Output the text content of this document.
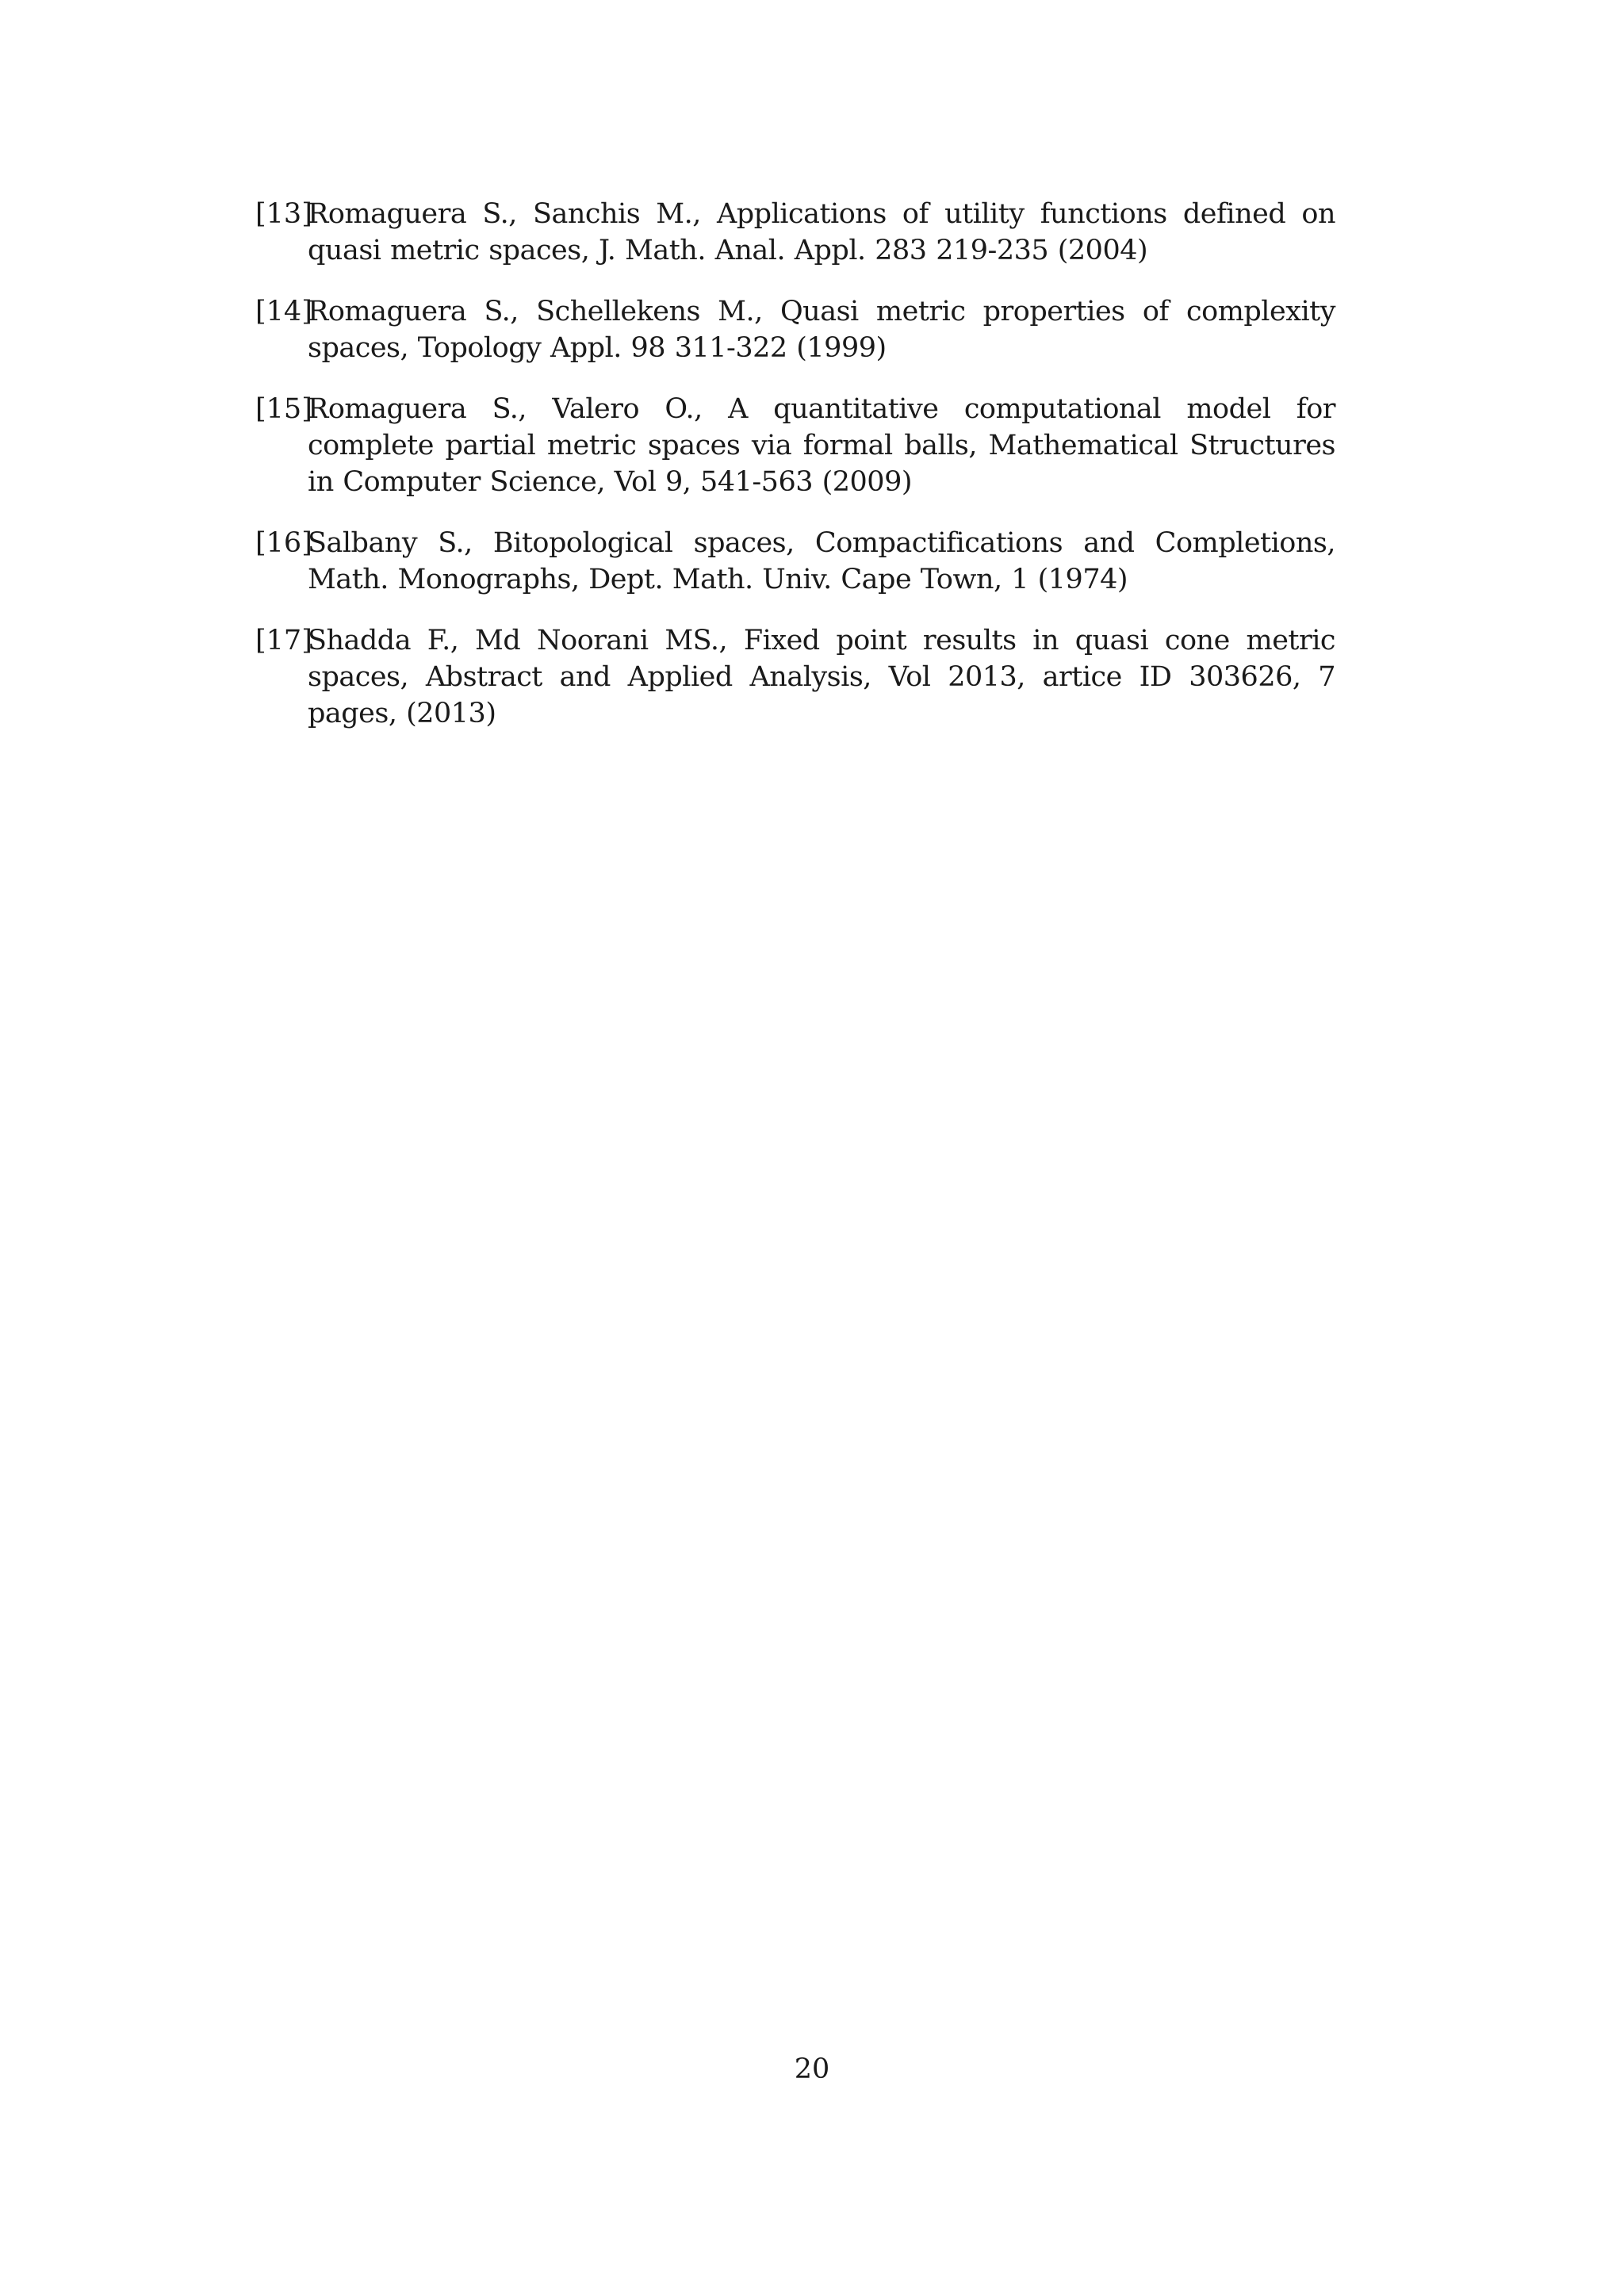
[13]
Romaguera S., Sanchis M., Applications of utility functions defined on quasi metric spaces, J. Math. Anal. Appl. 283 219-235 (2004)
[14]
Romaguera S., Schellekens M., Quasi metric properties of complexity spaces, Topology Appl. 98 311-322 (1999)
[15]
Romaguera S., Valero O., A quantitative computational model for complete partial metric spaces via formal balls, Mathematical Structures in Computer Science, Vol 9, 541-563 (2009)
[16]
Salbany S., Bitopological spaces, Compactifications and Completions, Math. Monographs, Dept. Math. Univ. Cape Town, 1 (1974)
[17]
Shadda F., Md Noorani MS., Fixed point results in quasi cone metric spaces, Abstract and Applied Analysis, Vol 2013, artice ID 303626, 7 pages, (2013)
20
